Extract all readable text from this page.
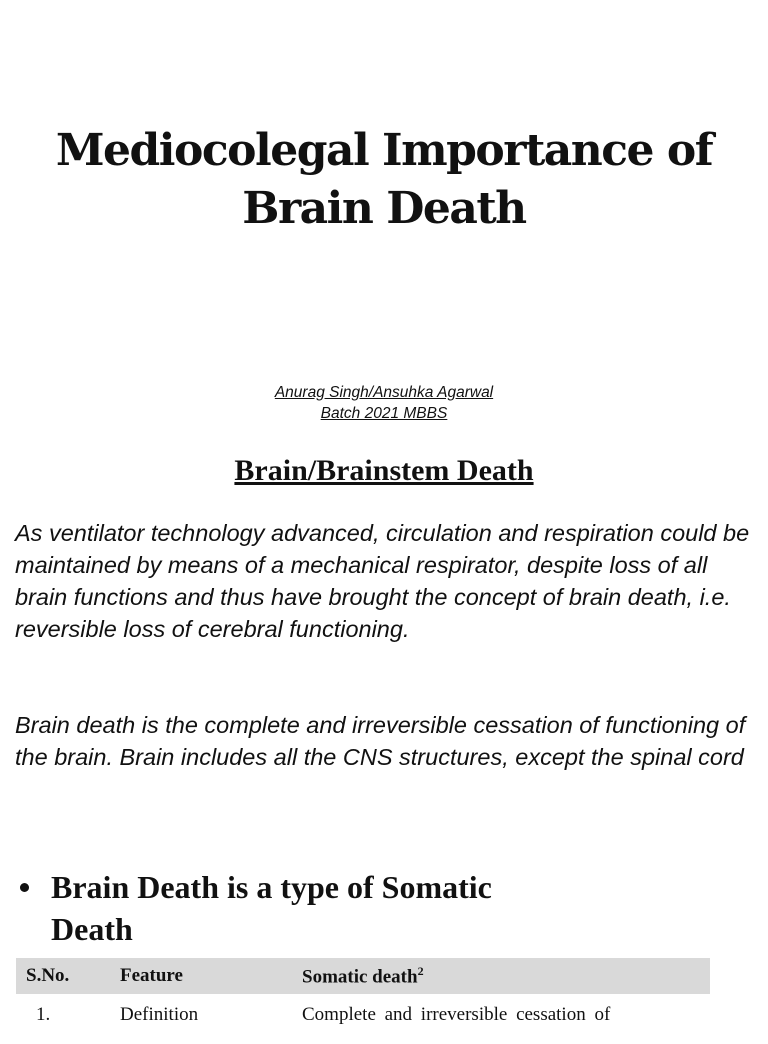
Mediocolegal Importance of
Brain Death
Anurag Singh/Ansuhka Agarwal
Batch 2021 MBBS
Brain/Brainstem Death

As ventilator technology advanced, circulation and respiration could be maintained by means of a mechanical respirator, despite loss of all brain functions and thus have brought the concept of brain death, i.e. reversible loss of cerebral functioning.

Brain death is the complete and irreversible cessation of functioning of the brain. Brain includes all the CNS structures, except the spinal cord

Brain Death is a type of Somatic
Death

S.No.	Feature	Somatic death$^2$
1.	Definition	Complete and irreversible cessation of
